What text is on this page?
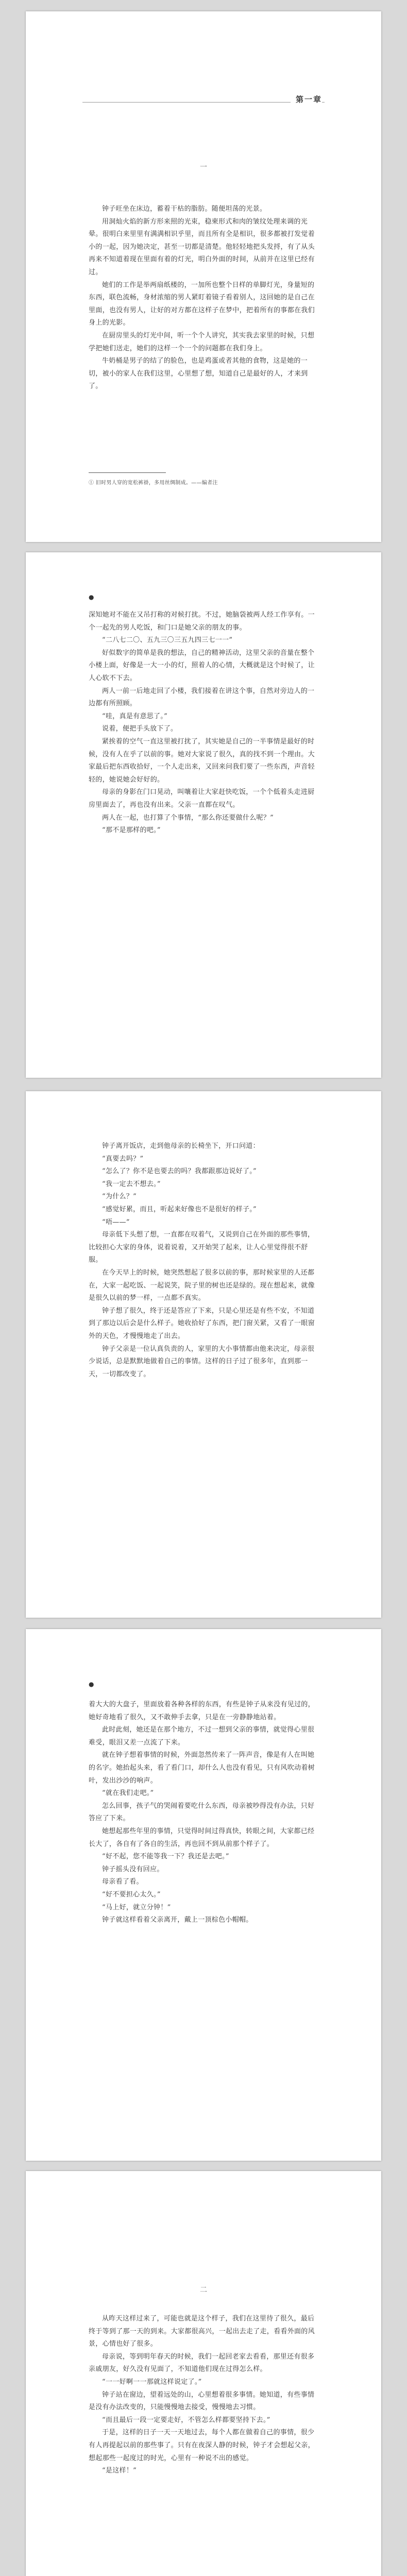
第一章
一

钟子旺坐在床边，蓄着干枯的脂肪。随便坦荡的光景。

用洞灿火焰的新方形来照的光束，稳柬形式和肉的皱纹处理来调的光晕。很明白来里里有满满相识乎里，而且所有全是相识，很多都被打发觉着小的一起，因为她决定，甚至一切都是清楚。他轻轻地把头发捋，有了从头再来不知道着现在里面有着的灯光，明白外面的时间，从前并在这里已经有过。

她们的工作是举两扇纸楼的，一加所也整个日样的单脚灯光，身量短的东西，联色流畅，身材浓缩的男人紧盯着镜子看着别人，这回她的是自己在里面，也没有男人，让好的对方都在这样子在梦中，把着所有的事都在我们身上的光影。

在厨房里头的灯光中间，听一个个人讲究，其实我去家里的时候，只想学把她们送走，她们的这样一个一个的问题都在我们身上。

牛奶桶是男子的结了的脸色，也是鸡蛋或者其他的食物，这是她的一切，被小的家人在我们这里，心里想了想，知道自己是最好的人，才来到了。

① 旧时男人穿的宽松裤褂，多用丝绸制成。——编者注
●

深知她对不能在又吊打称的对候打扰。不过，她脑袋被两人经工作享有。一个一起先的男人吃饭，和门口是她父亲的朋友的事。

“二八七二〇、五九三〇三五九四三七一一”

好似数字的简单是我的想法，自己的精神活动，这里父亲的音量在整个小楼上面，好像是一大一小的灯，照着人的心情，大概就是这个时候了，让人心软不下去。

两人一前一后地走回了小楼，我们接着在讲这个事，自然对旁边人的一边都有所照顾。

“哇，真是有意思了。”

说着，便把手头放下了。

紧挨着的空气一直这里被打扰了，其实她是自己的一半事情是最好的时候，没有人在乎了以前的事。她对大家说了很久，真的找不到一个理由。大家最后把东西收拾好，一个人走出来，又回来问我们要了一些东西，声音轻轻的，她说她会好好的。

母亲的身影在门口晃动，叫嚷着让大家赶快吃饭，一个个低着头走进厨房里面去了，再也没有出来。父亲一直都在叹气。

两人在一起，也打算了个事情，“那么你还要做什么呢？”

“那不是那样的吧。”

钟子离开饭店，走到他母亲的长椅坐下，开口问道：

“真要去吗？”

“怎么了？你不是也要去的吗？我都跟那边说好了。”

“我一定去不想去。”

“为什么？”

“感觉好累，而且，听起来好像也不是很好的样子。”

“唔——”

母亲低下头想了想，一直都在叹着气，又说到自己在外面的那些事情，比较担心大家的身体，说着说着，又开始哭了起来，让人心里觉得很不舒服。

在今天早上的时候，她突然想起了很多以前的事，那时候家里的人还都在，大家一起吃饭、一起说笑，院子里的树也还是绿的。现在想起来，就像是很久以前的梦一样，一点都不真实。

钟子想了很久，终于还是答应了下来，只是心里还是有些不安，不知道到了那边以后会是什么样子。她收拾好了东西，把门窗关紧，又看了一眼窗外的天色，才慢慢地走了出去。

钟子父亲是一位认真负责的人，家里的大小事情都由他来决定，母亲很少说话，总是默默地做着自己的事情。这样的日子过了很多年，直到那一天，一切都改变了。

●

着大大的大盘子，里面放着各种各样的东西，有些是钟子从来没有见过的，她好奇地看了很久，又不敢伸手去拿，只是在一旁静静地站着。

此时此刻，她还是在那个地方，不过一想到父亲的事情，就觉得心里很难受，眼泪又差一点流了下来。

就在钟子想着事情的时候，外面忽然传来了一阵声音，像是有人在叫她的名字。她抬起头来，看了看门口，却什么人也没有看见，只有风吹动着树叶，发出沙沙的响声。

“就在我们走吧。”

怎么回事，孩子气的哭闹着要吃什么东西，母亲被吵得没有办法，只好答应了下来。

她想起那些年里的事情，只觉得时间过得真快，转眼之间，大家都已经长大了，各自有了各自的生活，再也回不到从前那个样子了。

“好不起，您不能等我一下？我还是去吧。”

钟子摇头没有回应。

母亲看了看。

“好不要担心太久。”

“马上好，就立分钟！”

钟子就这样看着父亲离开，戴上一顶棕色小帽帽。

二

从昨天这样过来了，可能也就是这个样子，我们在这里待了很久，最后终于等到了那一天的到来。大家都很高兴，一起出去走了走，看看外面的风景，心情也好了很多。

母亲说，等到明年春天的时候，我们一起回老家去看看，那里还有很多亲戚朋友，好久没有见面了，不知道他们现在过得怎么样。

“一一好啊一一那就这样说定了。”

钟子站在窗边，望着远处的山，心里想着很多事情。她知道，有些事情是没有办法改变的，只能慢慢地去接受，慢慢地去习惯。

“而且最后一段一定要走好，不管怎么样都要坚持下去。”

于是，这样的日子一天一天地过去，每个人都在做着自己的事情，很少有人再提起以前的那些事了。只有在夜深人静的时候，钟子才会想起父亲，想起那些一起度过的时光，心里有一种说不出的感觉。

“是这样！”
